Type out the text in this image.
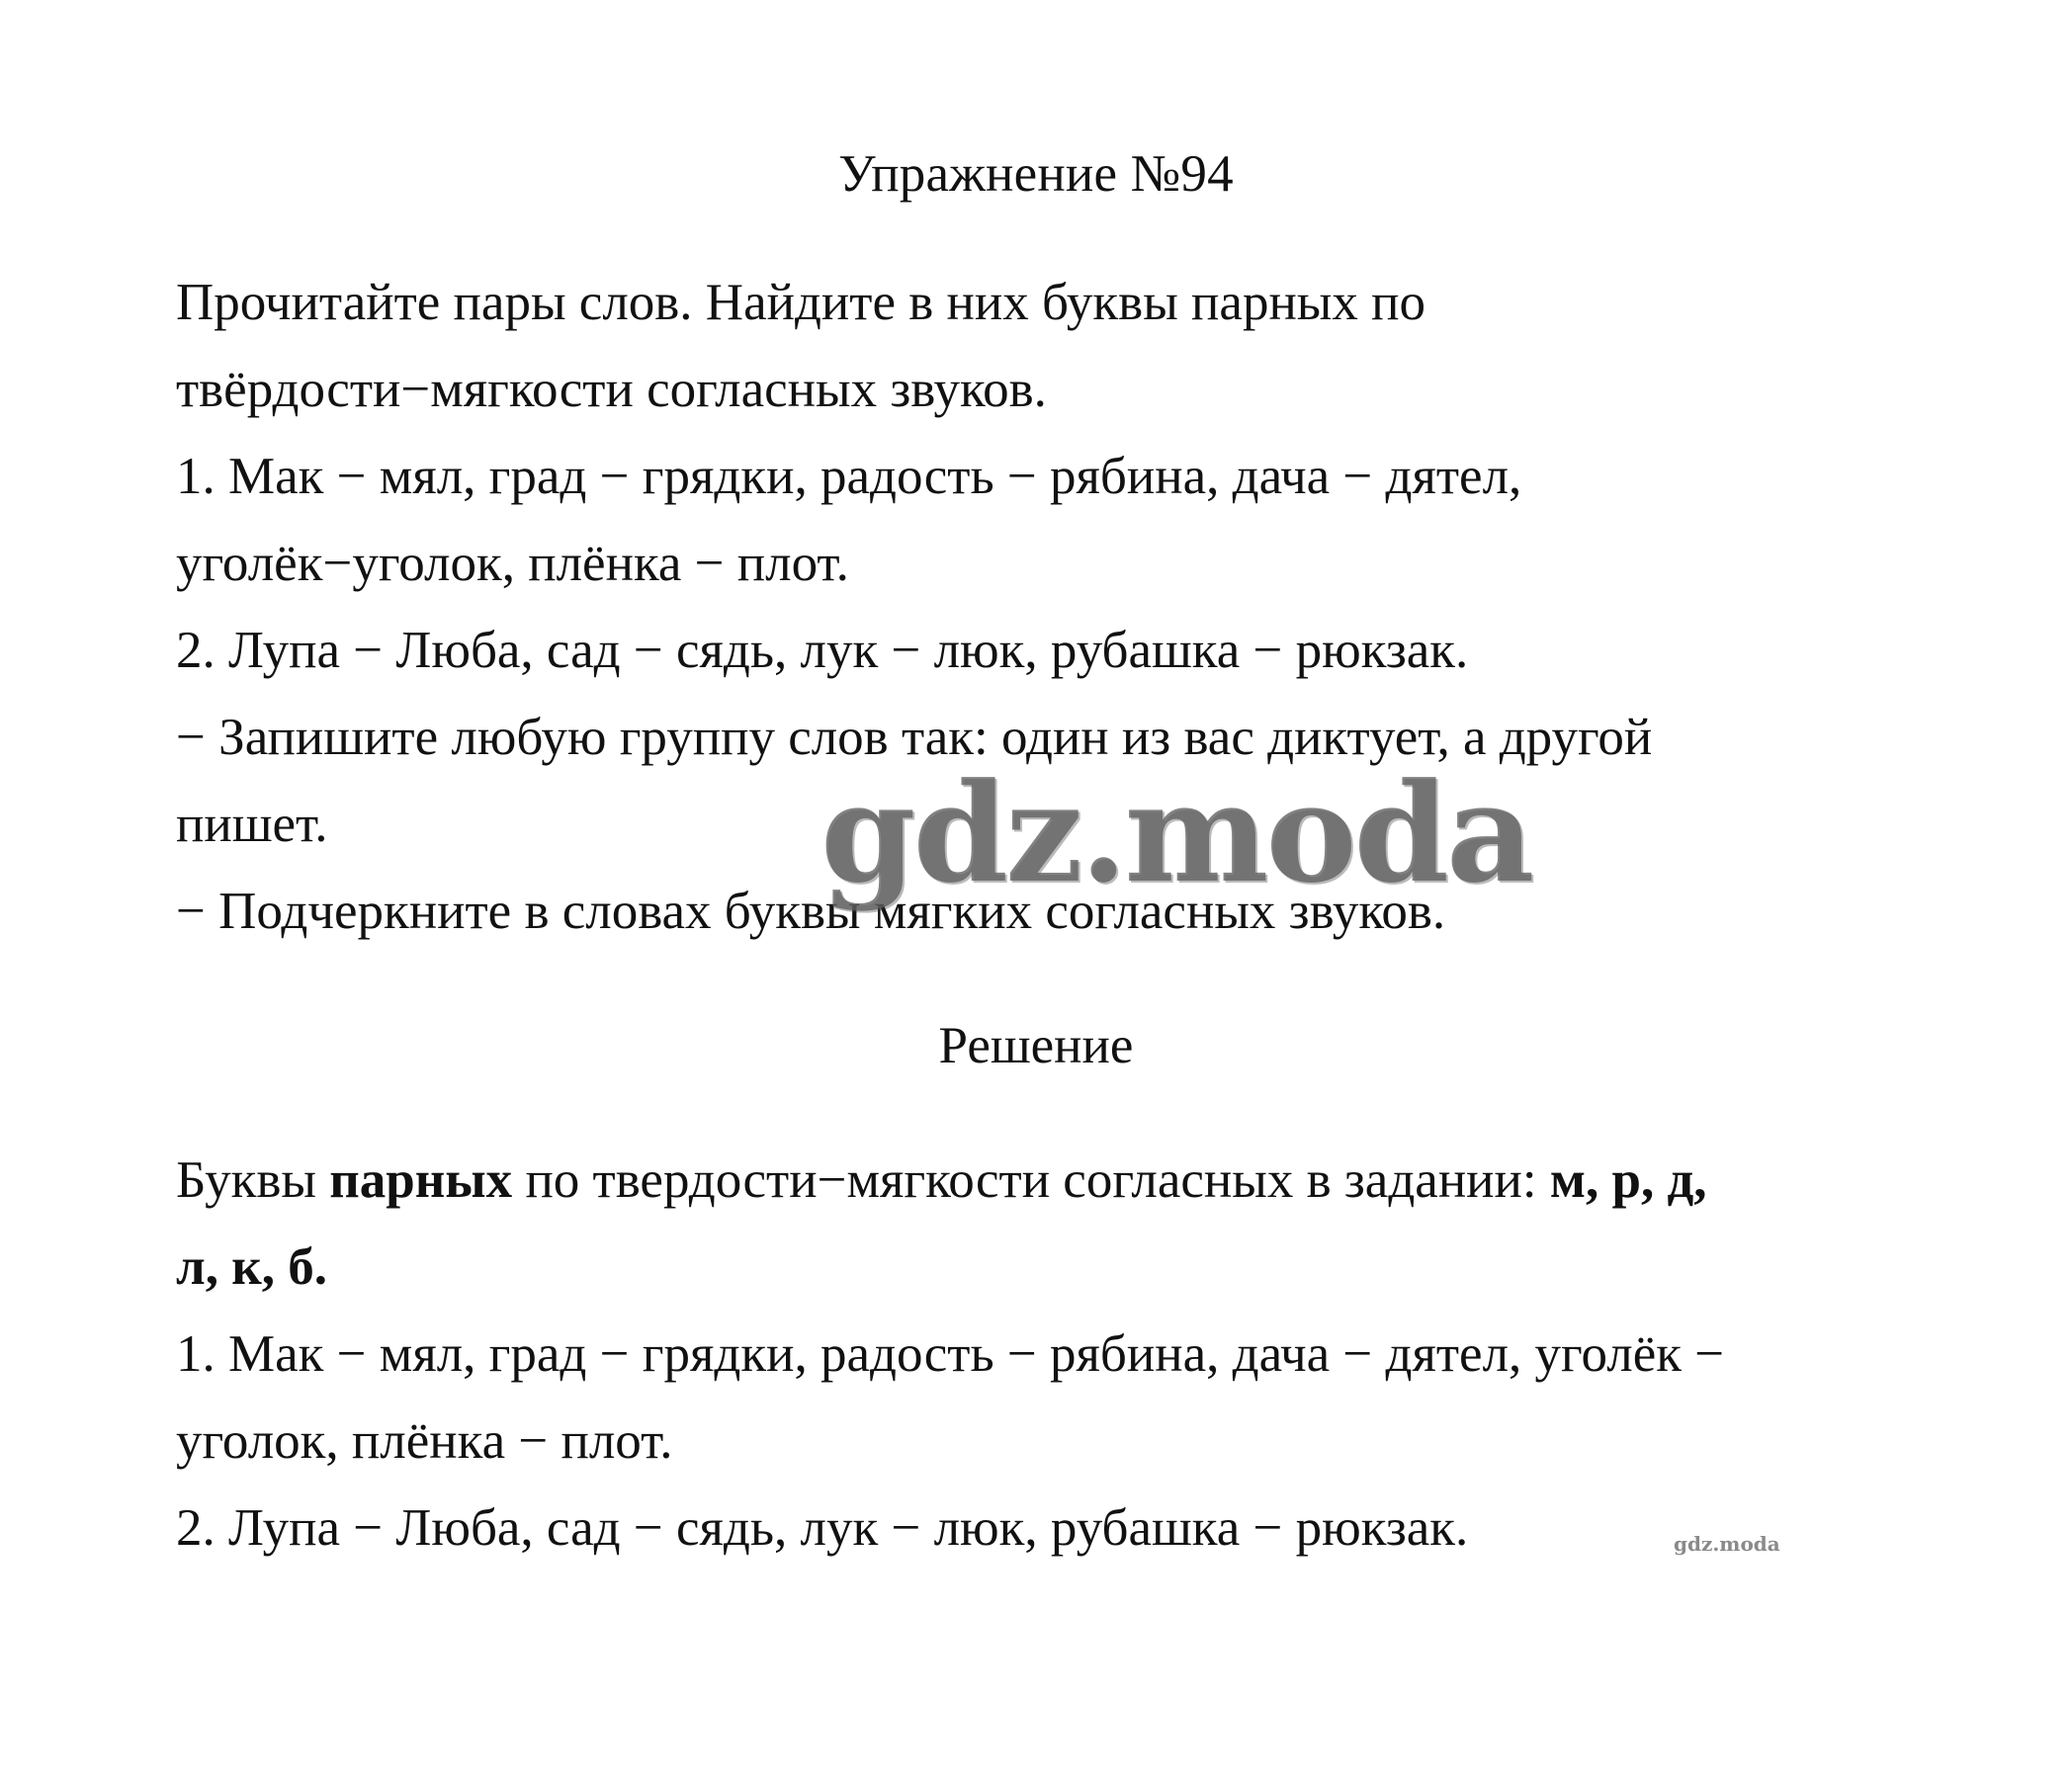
Упражнение №94
Прочитайте пары слов. Найдите в них буквы парных по
твёрдости−мягкости согласных звуков.
1. Мак − мял, град − грядки, радость − рябина, дача − дятел,
уголёк−уголок, плёнка − плот.
2. Лупа − Люба, сад − сядь, лук − люк, рубашка − рюкзак.
− Запишите любую группу слов так: один из вас диктует, а другой
пишет.
− Подчеркните в словах буквы мягких согласных звуков.
Решение
Буквы парных по твердости−мягкости согласных в задании: м, р, д,
л, к, б.
1. Мак − мял, град − грядки, радость − рябина, дача − дятел, уголёк −
уголок, плёнка − плот.
2. Лупа − Люба, сад − сядь, лук − люк, рубашка − рюкзак.
gdz.moda
gdz.moda
